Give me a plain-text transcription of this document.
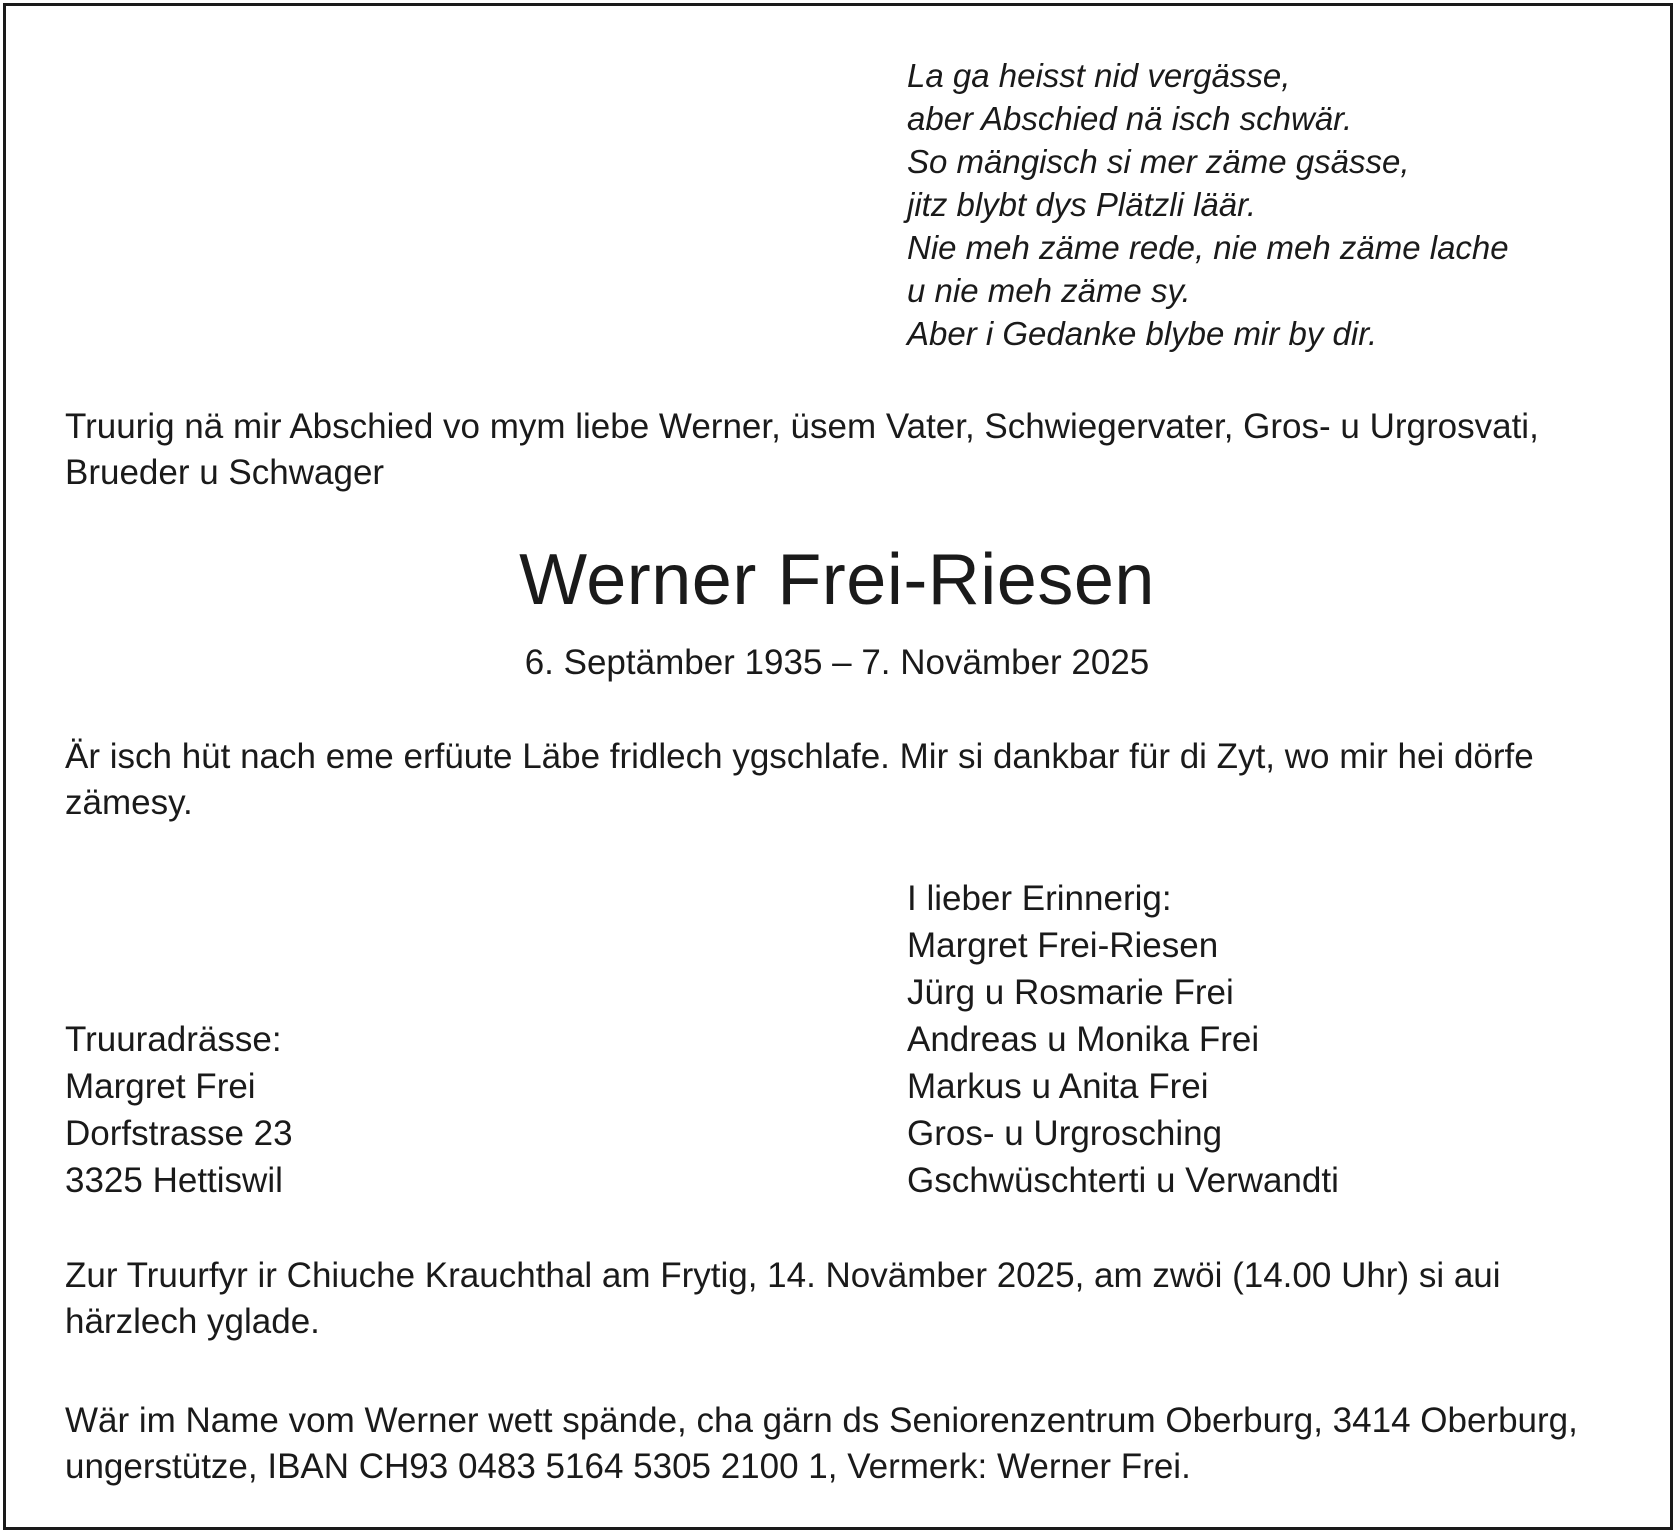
La ga heisst nid vergässe,
aber Abschied nä isch schwär.
So mängisch si mer zäme gsässe,
jitz blybt dys Plätzli läär.
Nie meh zäme rede, nie meh zäme lache
u nie meh zäme sy.
Aber i Gedanke blybe mir by dir.

Truurig nä mir Abschied vo mym liebe Werner, üsem Vater, Schwiegervater, Gros- u Urgrosvati, Brueder u Schwager

Werner Frei-Riesen

6. Septämber 1935 – 7. Novämber 2025

Är isch hüt nach eme erfüute Läbe fridlech ygschlafe. Mir si dankbar für di Zyt, wo mir hei dörfe zämesy.

I lieber Erinnerig:
Margret Frei-Riesen
Jürg u Rosmarie Frei
Andreas u Monika Frei
Markus u Anita Frei
Gros- u Urgrosching
Gschwüschterti u Verwandti
Truuradrässe:
Margret Frei
Dorfstrasse 23
3325 Hettiswil

Zur Truurfyr ir Chiuche Krauchthal am Frytig, 14. Novämber 2025, am zwöi (14.00 Uhr) si aui härzlech yglade.

Wär im Name vom Werner wett spände, cha gärn ds Seniorenzentrum Oberburg, 3414 Oberburg, ungerstütze, IBAN CH93 0483 5164 5305 2100 1, Vermerk: Werner Frei.
